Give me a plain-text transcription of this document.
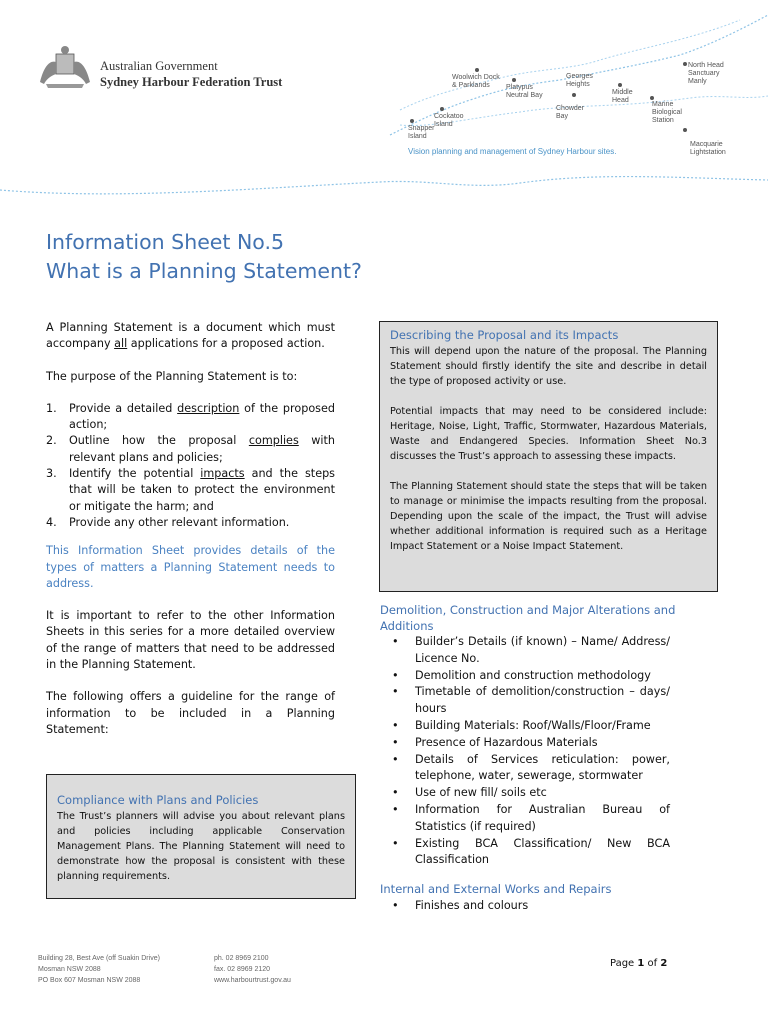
Australian Government
Sydney Harbour Federation Trust	Woolwich Dock
& Parklands	Platypus
Neutral Bay
Georges
Heights
Middle
Head
North Head
Sanctuary
Manly
Cockatoo
Island
Chowder
Bay
Marine
Biological
Station
Snapper
Island
Macquarie
Lightstation
Vision planning and management of Sydney Harbour sites.
Information Sheet No.5
What is a Planning Statement?

A Planning Statement is a document which must accompany all applications for a proposed action.

The purpose of the Planning Statement is to:

1. Provide a detailed description of the proposed action;
2. Outline how the proposal complies with relevant plans and policies;
3. Identify the potential impacts and the steps that will be taken to protect the environment or mitigate the harm; and
4. Provide any other relevant information.

This Information Sheet provides details of the types of matters a Planning Statement needs to address.

It is important to refer to the other Information Sheets in this series for a more detailed overview of the range of matters that need to be addressed in the Planning Statement.

The following offers a guideline for the range of information to be included in a Planning Statement:

Compliance with Plans and Policies

The Trust’s planners will advise you about relevant plans and policies including applicable Conservation Management Plans. The Planning Statement will need to demonstrate how the proposal is consistent with these planning requirements.

Describing the Proposal and its Impacts

This will depend upon the nature of the proposal. The Planning Statement should firstly identify the site and describe in detail the type of proposed activity or use.

Potential impacts that may need to be considered include: Heritage, Noise, Light, Traffic, Stormwater, Hazardous Materials, Waste and Endangered Species. Information Sheet No.3 discusses the Trust’s approach to assessing these impacts.

The Planning Statement should state the steps that will be taken to manage or minimise the impacts resulting from the proposal. Depending upon the scale of the impact, the Trust will advise whether additional information is required such as a Heritage Impact Statement or a Noise Impact Statement.

Demolition, Construction and Major Alterations and Additions
• Builder’s Details (if known) – Name/ Address/ Licence No.
• Demolition and construction methodology
• Timetable of demolition/construction – days/ hours
• Building Materials: Roof/Walls/Floor/Frame
• Presence of Hazardous Materials
• Details of Services reticulation: power, telephone, water, sewerage, stormwater
• Use of new fill/ soils etc
• Information for Australian Bureau of Statistics (if required)
• Existing BCA Classification/ New BCA Classification
Internal and External Works and Repairs
• Finishes and colours
Building 28, Best Ave (off Suakin Drive)
Mosman NSW 2088
PO Box 607 Mosman NSW 2088
ph. 02 8969 2100
fax. 02 8969 2120
www.harbourtrust.gov.au
Page 1 of 2
